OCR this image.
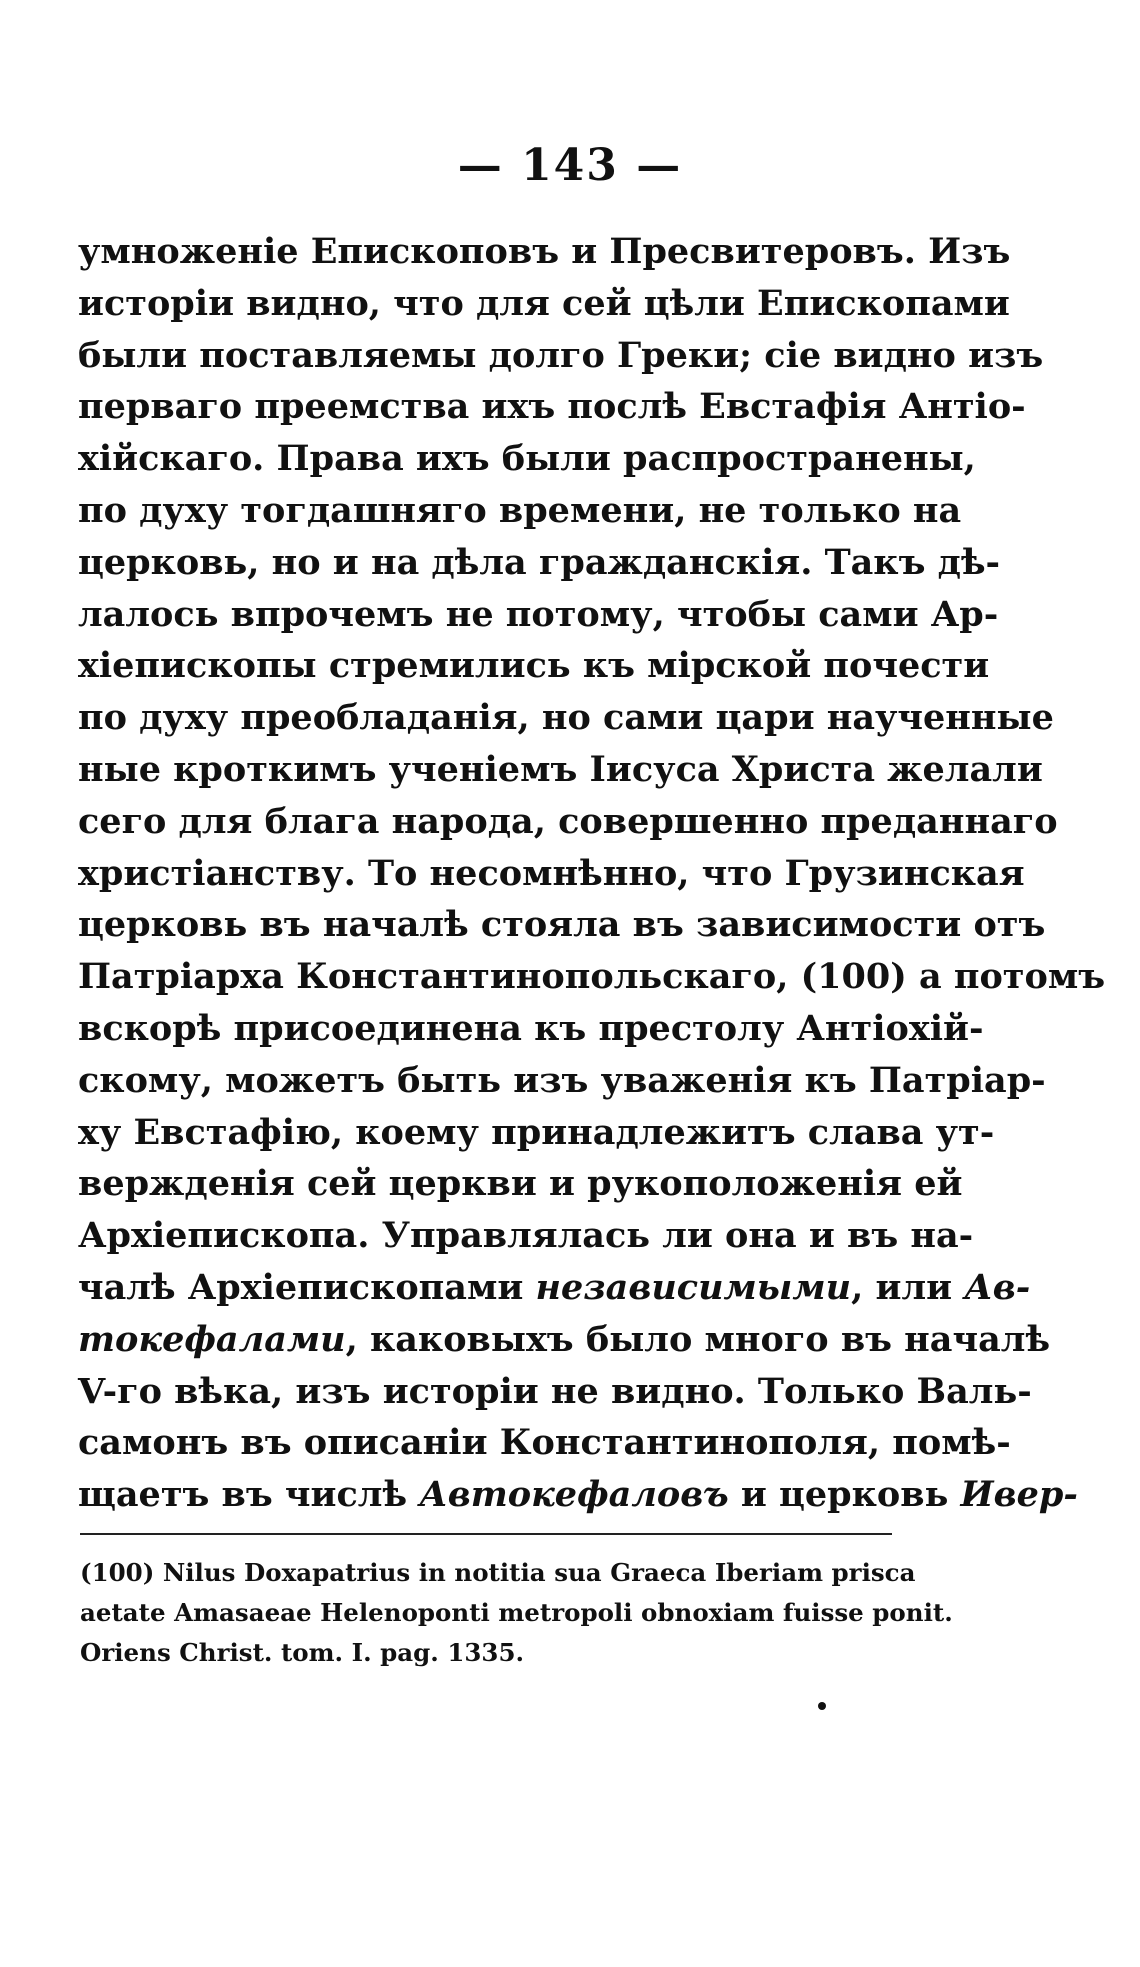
— 143 —
умноженіе Епископовъ и Пресвитеровъ. Изъ
исторіи видно, что для сей цѣли Епископами
были поставляемы долго Греки; сіе видно изъ
перваго преемства ихъ послѣ Евстафія Антіо-
хійскаго. Права ихъ были распространены,
по духу тогдашняго времени, не только на
церковь, но и на дѣла гражданскія. Такъ дѣ-
лалось впрочемъ не потому, чтобы сами Ар-
хіепископы стремились къ мірской почести
по духу преобладанія, но сами цари наученные
ные кроткимъ ученіемъ Іисуса Христа желали
сего для блага народа, совершенно преданнаго
христіанству. То несомнѣнно, что Грузинская
церковь въ началѣ стояла въ зависимости отъ
Патріарха Константинопольскаго, (100) а потомъ
вскорѣ присоединена къ престолу Антіохій-
скому, можетъ быть изъ уваженія къ Патріар-
ху Евстафію, коему принадлежитъ слава ут-
вержденія сей церкви и рукоположенія ей
Архіепископа. Управлялась ли она и въ на-
чалѣ Архіепископами независимыми, или Ав-
токефалами, каковыхъ было много въ началѣ
V-го вѣка, изъ исторіи не видно. Только Валь-
самонъ въ описаніи Константинополя, помѣ-
щаетъ въ числѣ Автокефаловъ и церковь Ивер-
(100) Nilus Doxapatrius in notitia sua Graeca Iberiam prisca
aetate Amasaeae Helenoponti metropoli obnoxiam fuisse ponit.
Oriens Christ. tom. I. pag. 1335.
